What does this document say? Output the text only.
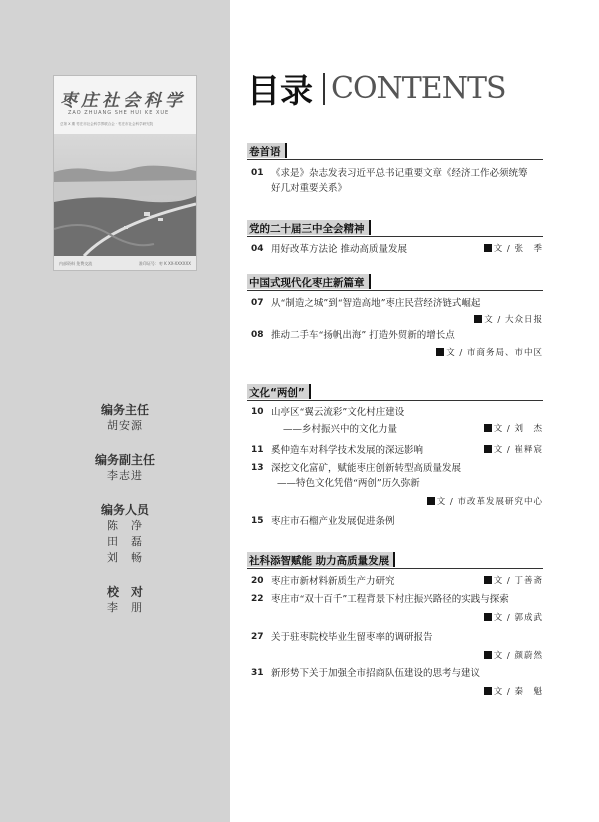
枣庄社会科学
ZAO ZHUANG SHE HUI KE XUE
总第 X 期 枣庄市社会科学界联合会 · 枣庄市社会科学研究院
内部资料 免费交流	准印证号：枣 K XX-XXXXXX
编务主任
胡安源
编务副主任
李志进
编务人员
陈　净
田　磊
刘　畅
校　对
李　朋
目录 CONTENTS
卷首语
01 《求是》杂志发表习近平总书记重要文章《经济工作必须统筹
好几对重要关系》
党的二十届三中全会精神
04 用好改革方法论 推动高质量发展	文 / 张　季
中国式现代化枣庄新篇章
07 从“制造之城”到“智造高地”枣庄民营经济链式崛起
文 / 大众日报
08 推动二手车“扬帆出海” 打造外贸新的增长点
文 / 市商务局、市中区
文化“两创”
10 山亭区“翼云流彩”文化村庄建设
——乡村振兴中的文化力量	文 / 刘　杰
11 奚仲造车对科学技术发展的深远影响	文 / 崔释宸
13 深挖文化富矿，赋能枣庄创新转型高质量发展
——特色文化凭借“两创”历久弥新
文 / 市改革发展研究中心
15 枣庄市石榴产业发展促进条例
社科添智赋能 助力高质量发展
20 枣庄市新材料新质生产力研究	文 / 丁善斋
22 枣庄市“双十百千”工程背景下村庄振兴路径的实践与探索
文 / 郭成武
27 关于驻枣院校毕业生留枣率的调研报告
文 / 颜蔚然
31 新形势下关于加强全市招商队伍建设的思考与建议
文 / 秦　魁
